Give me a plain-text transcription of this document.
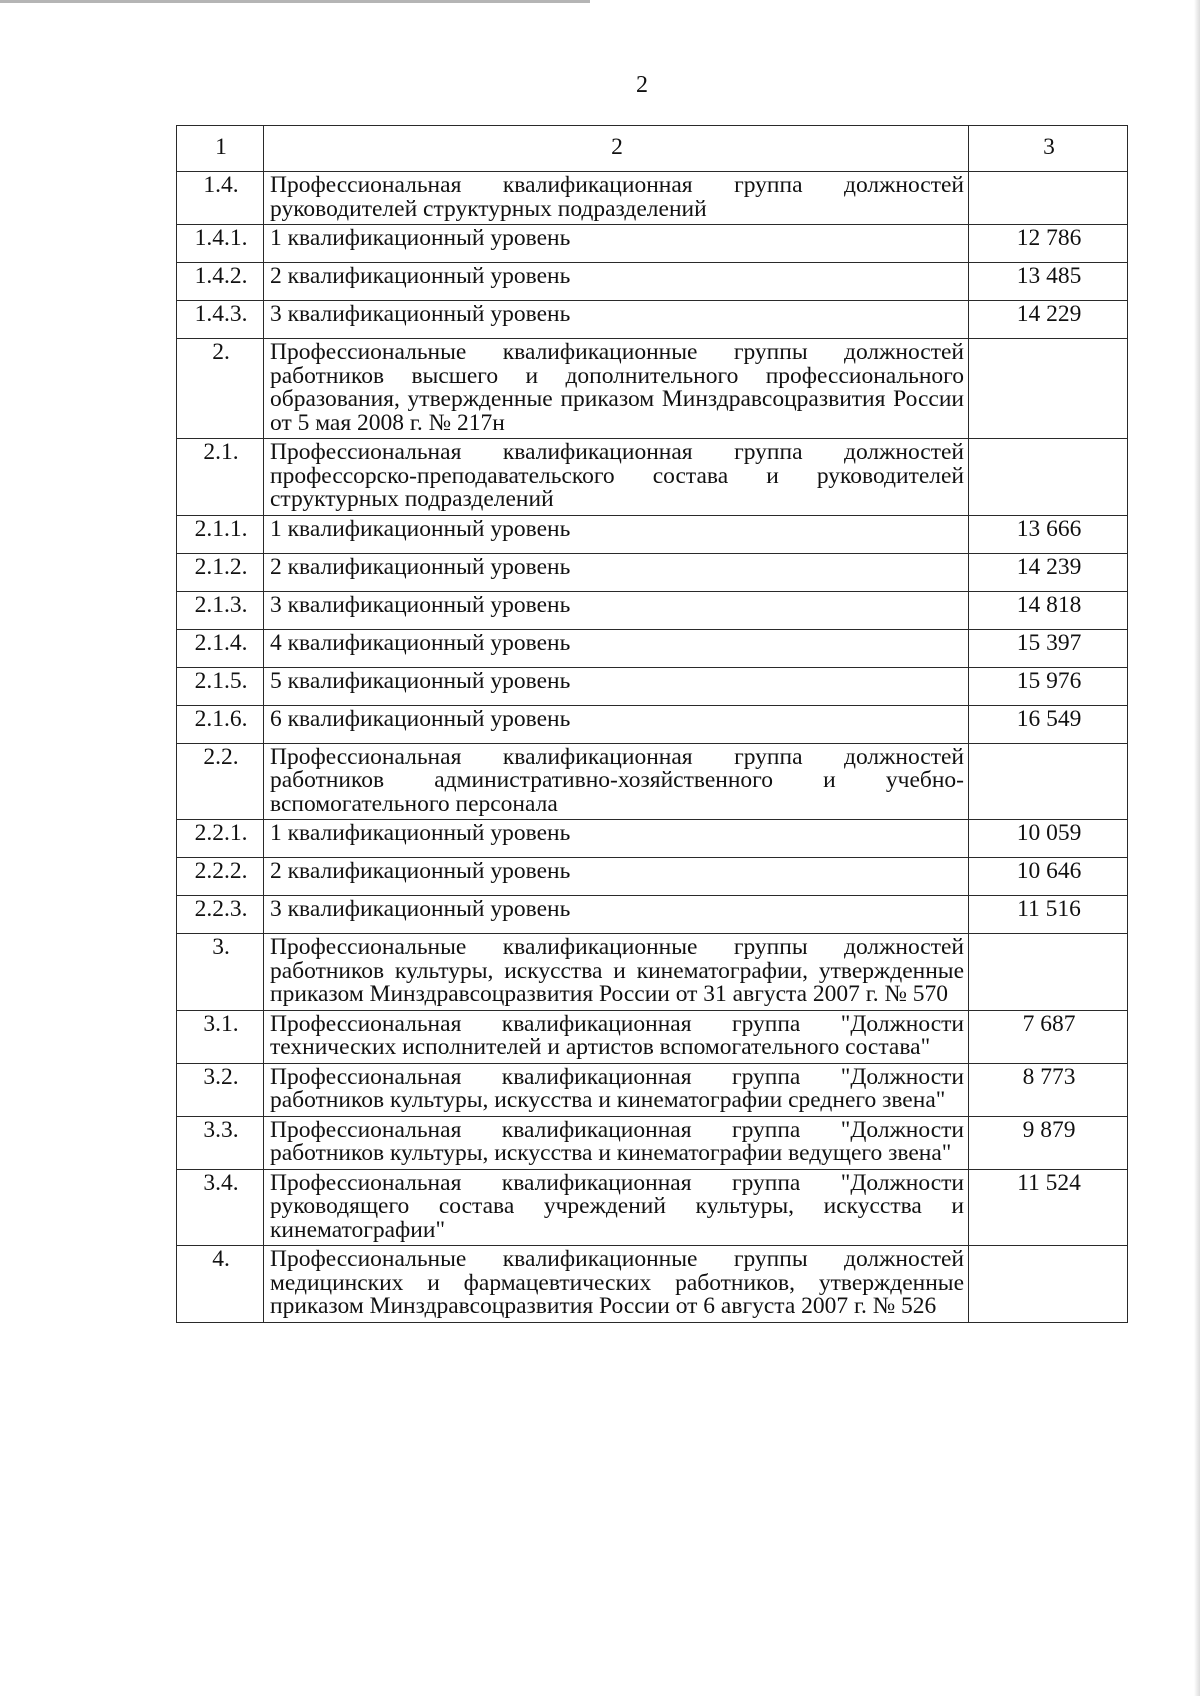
2
1	2	3
1.4.	Профессиональная квалификационная группа должностей руководителей структурных подразделений	
1.4.1.	1 квалификационный уровень	12 786
1.4.2.	2 квалификационный уровень	13 485
1.4.3.	3 квалификационный уровень	14 229
2.	Профессиональные квалификационные группы должностей работников высшего и дополнительного профессионального образования, утвержденные приказом Минздравсоцразвития России от 5 мая 2008 г. № 217н	
2.1.	Профессиональная квалификационная группа должностей профессорско-преподавательского состава и руководителей структурных подразделений	
2.1.1.	1 квалификационный уровень	13 666
2.1.2.	2 квалификационный уровень	14 239
2.1.3.	3 квалификационный уровень	14 818
2.1.4.	4 квалификационный уровень	15 397
2.1.5.	5 квалификационный уровень	15 976
2.1.6.	6 квалификационный уровень	16 549
2.2.	Профессиональная квалификационная группа должностей работников административно-хозяйственного и учебно-вспомогательного персонала	
2.2.1.	1 квалификационный уровень	10 059
2.2.2.	2 квалификационный уровень	10 646
2.2.3.	3 квалификационный уровень	11 516
3.	Профессиональные квалификационные группы должностей работников культуры, искусства и кинематографии, утвержденные приказом Минздравсоцразвития России от 31 августа 2007 г. № 570	
3.1.	Профессиональная квалификационная группа "Должности технических исполнителей и артистов вспомогательного состава"	7 687
3.2.	Профессиональная квалификационная группа "Должности работников культуры, искусства и кинематографии среднего звена"	8 773
3.3.	Профессиональная квалификационная группа "Должности работников культуры, искусства и кинематографии ведущего звена"	9 879
3.4.	Профессиональная квалификационная группа "Должности руководящего состава учреждений культуры, искусства и кинематографии"	11 524
4.	Профессиональные квалификационные группы должностей медицинских и фармацевтических работников, утвержденные приказом Минздравсоцразвития России от 6 августа 2007 г. № 526	
